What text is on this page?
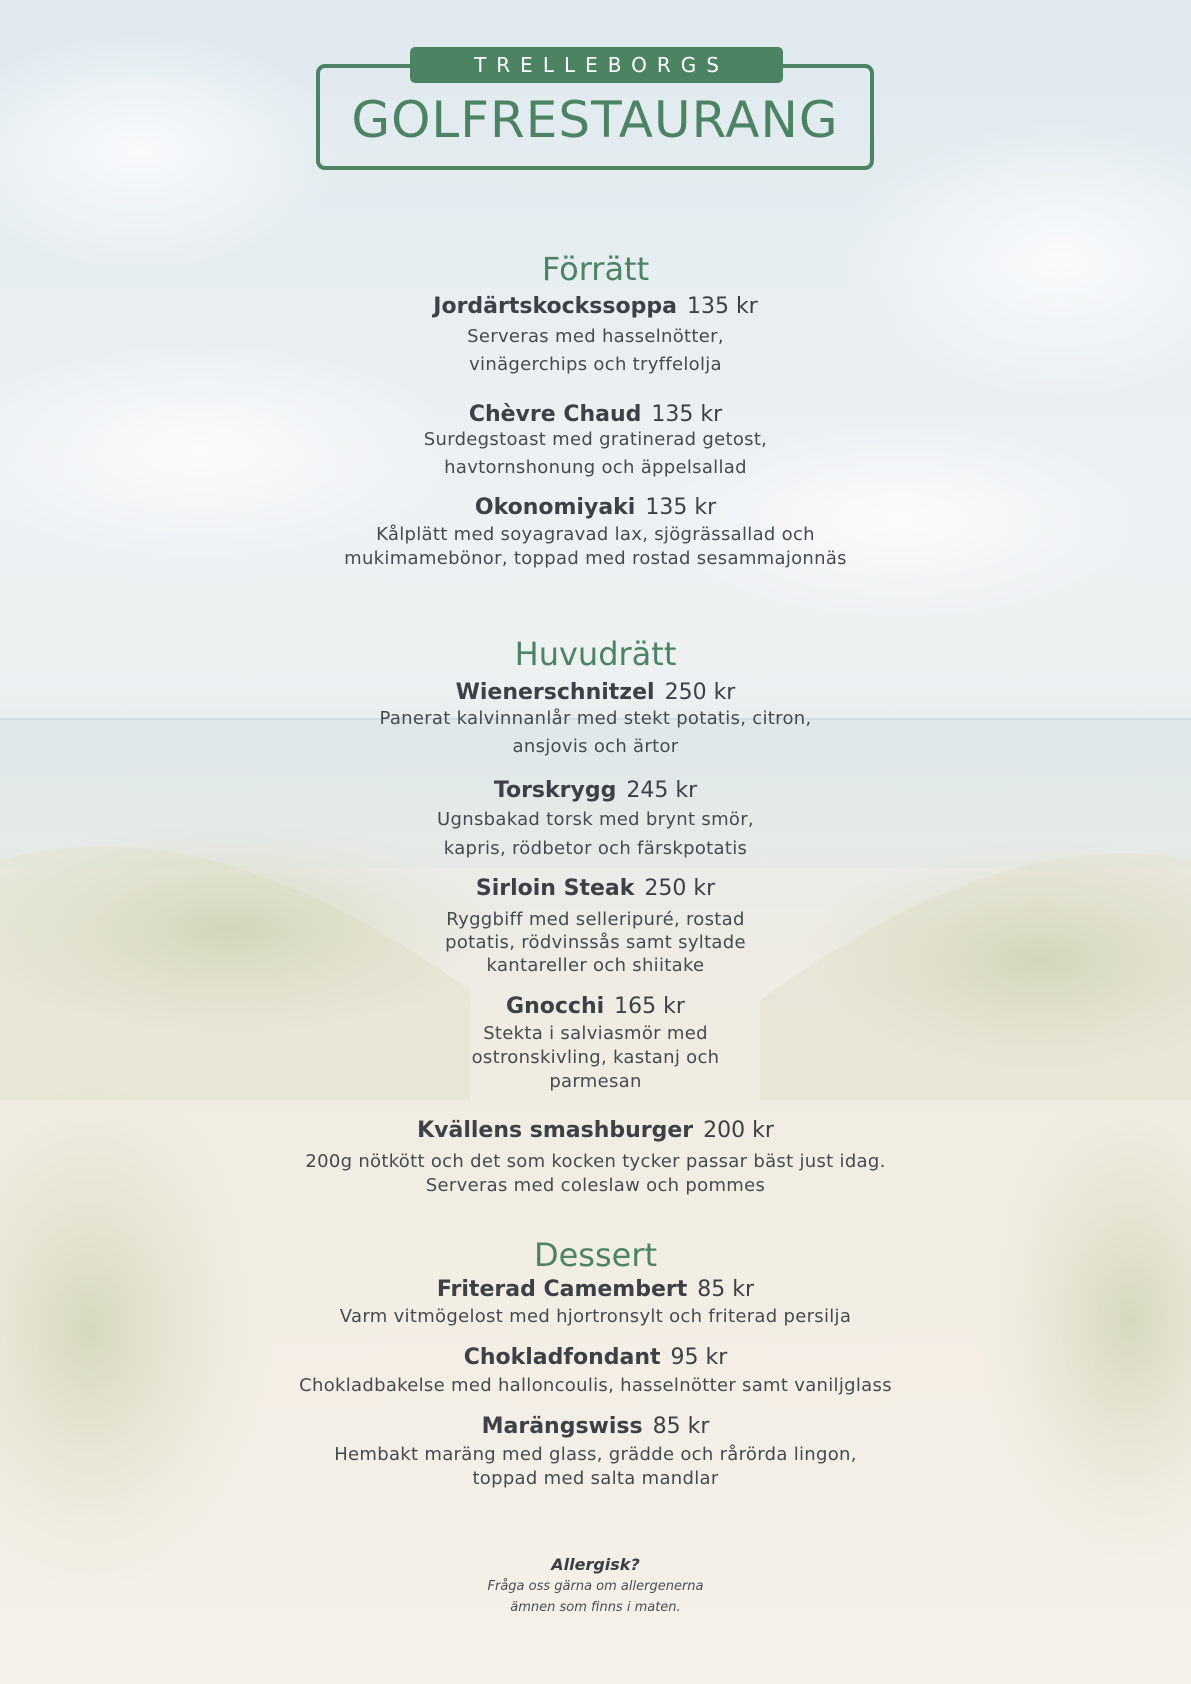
TRELLEBORGS
GOLFRESTAURANG
Förrätt
Jordärtskockssoppa 135 kr
Serveras med hasselnötter,
vinägerchips och tryffelolja
Chèvre Chaud 135 kr
Surdegstoast med gratinerad getost,
havtornshonung och äppelsallad
Okonomiyaki 135 kr
Kålplätt med soyagravad lax, sjögrässallad och
mukimamebönor, toppad med rostad sesammajonnäs
Huvudrätt
Wienerschnitzel 250 kr
Panerat kalvinnanlår med stekt potatis, citron,
ansjovis och ärtor
Torskrygg 245 kr
Ugnsbakad torsk med brynt smör,
kapris, rödbetor och färskpotatis
Sirloin Steak 250 kr
Ryggbiff med selleripuré, rostad
potatis, rödvinssås samt syltade
kantareller och shiitake
Gnocchi 165 kr
Stekta i salviasmör med
ostronskivling, kastanj och
parmesan
Kvällens smashburger 200 kr
200g nötkött och det som kocken tycker passar bäst just idag.
Serveras med coleslaw och pommes
Dessert
Friterad Camembert 85 kr
Varm vitmögelost med hjortronsylt och friterad persilja
Chokladfondant 95 kr
Chokladbakelse med halloncoulis, hasselnötter samt vaniljglass
Marängswiss 85 kr
Hembakt maräng med glass, grädde och rårörda lingon,
toppad med salta mandlar
Allergisk?
Fråga oss gärna om allergenerna
ämnen som finns i maten.
